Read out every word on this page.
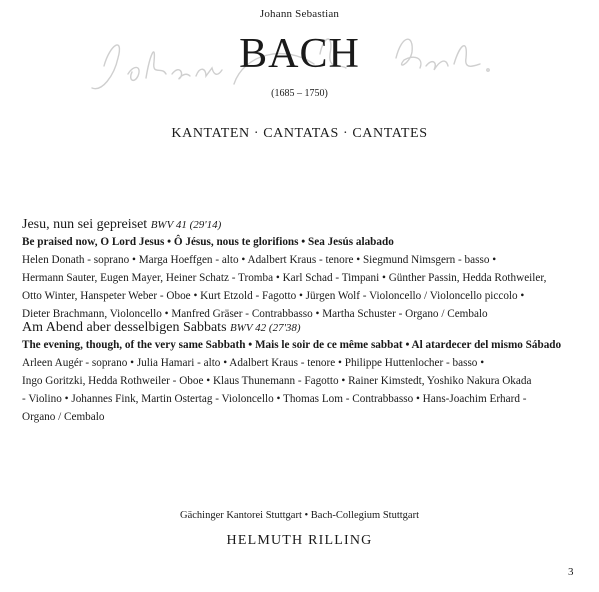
Johann Sebastian
BACH
(1685 – 1750)
KANTATEN · CANTATAS · CANTATES
Jesu, nun sei gepreiset BWV 41 (29'14)
Be praised now, O Lord Jesus • Ô Jésus, nous te glorifions • Sea Jesús alabado
Helen Donath - soprano • Marga Hoeffgen - alto • Adalbert Kraus - tenore • Siegmund Nimsgern - basso •
Hermann Sauter, Eugen Mayer, Heiner Schatz - Tromba • Karl Schad - Timpani • Günther Passin, Hedda Rothweiler,
Otto Winter, Hanspeter Weber - Oboe • Kurt Etzold - Fagotto • Jürgen Wolf - Violoncello / Violoncello piccolo •
Dieter Brachmann, Violoncello • Manfred Gräser - Contrabbasso • Martha Schuster - Organo / Cembalo
Am Abend aber desselbigen Sabbats BWV 42 (27'38)
The evening, though, of the very same Sabbath • Mais le soir de ce même sabbat • Al atardecer del mismo Sábado
Arleen Augér - soprano • Julia Hamari - alto • Adalbert Kraus - tenore • Philippe Huttenlocher - basso •
Ingo Goritzki, Hedda Rothweiler - Oboe • Klaus Thunemann - Fagotto • Rainer Kimstedt, Yoshiko Nakura Okada
- Violino • Johannes Fink, Martin Ostertag - Violoncello • Thomas Lom - Contrabbasso • Hans-Joachim Erhard -
Organo / Cembalo
Gächinger Kantorei Stuttgart • Bach-Collegium Stuttgart
HELMUTH RILLING
3
